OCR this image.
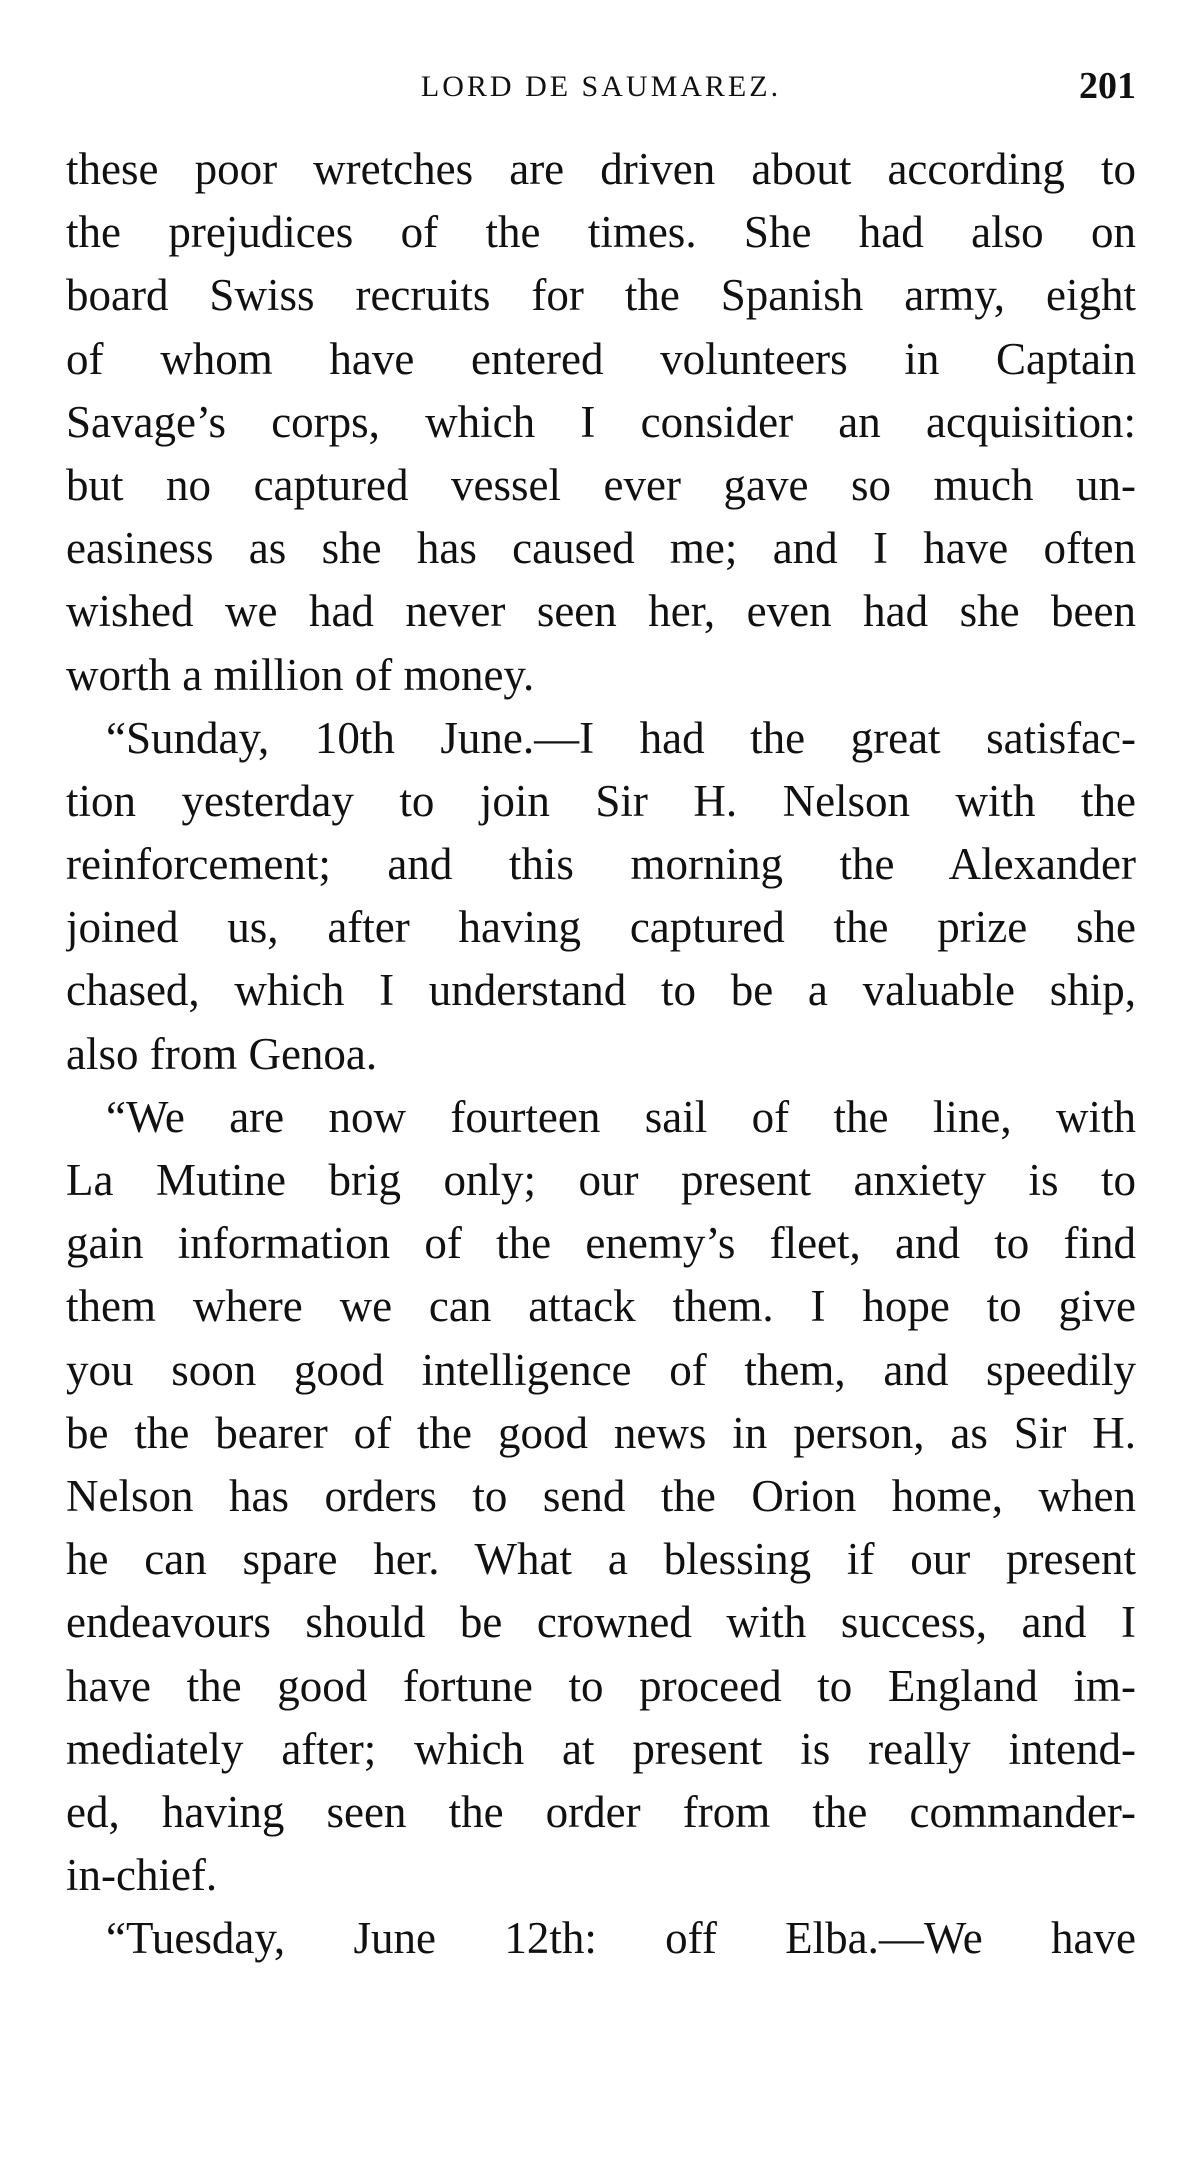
LORD DE SAUMAREZ.	201
these poor wretches are driven about according to
the prejudices of the times. She had also on
board Swiss recruits for the Spanish army, eight
of whom have entered volunteers in Captain
Savage’s corps, which I consider an acquisition:
but no captured vessel ever gave so much un-
easiness as she has caused me; and I have often
wished we had never seen her, even had she been
worth a million of money.
“Sunday, 10th June.—I had the great satisfac-
tion yesterday to join Sir H. Nelson with the
reinforcement; and this morning the Alexander
joined us, after having captured the prize she
chased, which I understand to be a valuable ship,
also from Genoa.
“We are now fourteen sail of the line, with
La Mutine brig only; our present anxiety is to
gain information of the enemy’s fleet, and to find
them where we can attack them. I hope to give
you soon good intelligence of them, and speedily
be the bearer of the good news in person, as Sir H.
Nelson has orders to send the Orion home, when
he can spare her. What a blessing if our present
endeavours should be crowned with success, and I
have the good fortune to proceed to England im-
mediately after; which at present is really intend-
ed, having seen the order from the commander-
in-chief.
“Tuesday, June 12th: off Elba.—We have
